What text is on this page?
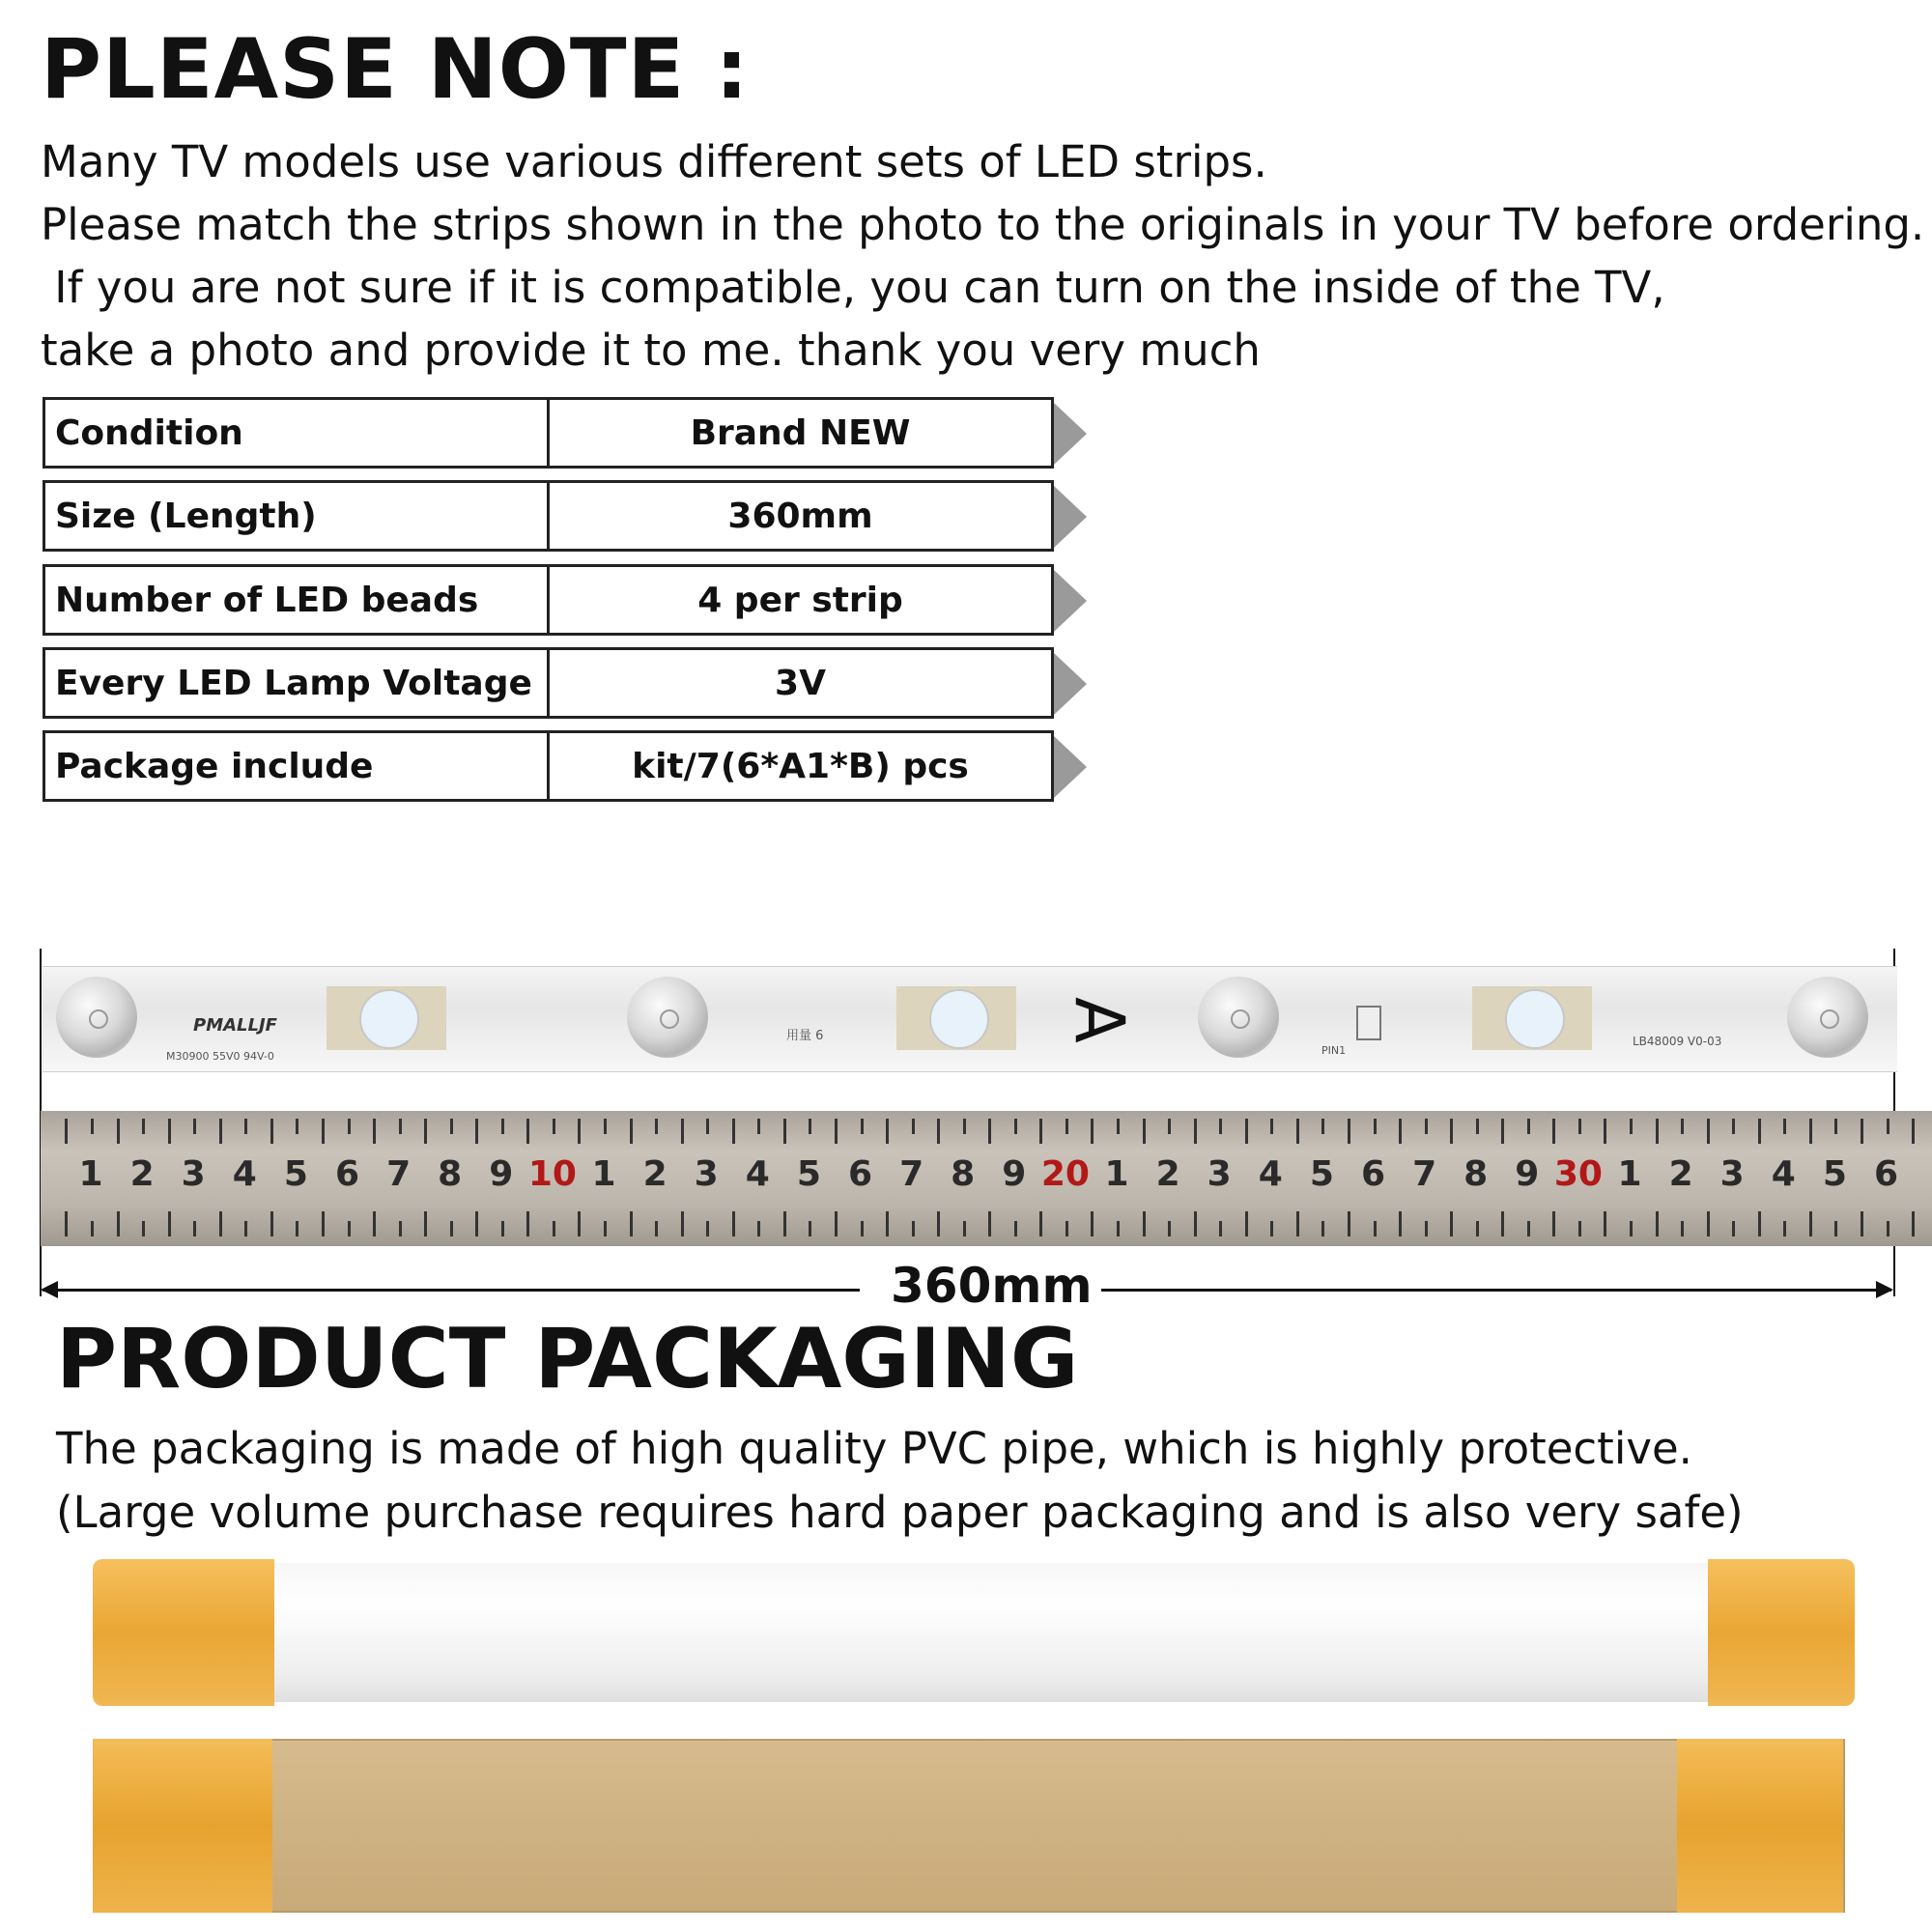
PLEASE NOTE :
Many TV models use various different sets of LED strips.
Please match the strips shown in the photo to the originals in your TV before ordering.
If you are not sure if it is compatible, you can turn on the inside of the TV,
take a photo and provide it to me. thank you very much
Condition	Brand NEW
Size (Length)	360mm
Number of LED beads	4 per strip
Every LED Lamp Voltage	3V
Package include	kit/7(6*A1*B) pcs
PMALLJF
M30900 55V0 94V-0
用量 6	A
PIN1
LB48009 V0-03
1 2 3 4 5 6 7 8 9 10 1 2 3 4 5 6 7 8 9 20 1 2 3 4 5 6 7 8 9 30 1 2 3 4 5 6
360mm
PRODUCT PACKAGING
The packaging is made of high quality PVC pipe, which is highly protective.
(Large volume purchase requires hard paper packaging and is also very safe)
